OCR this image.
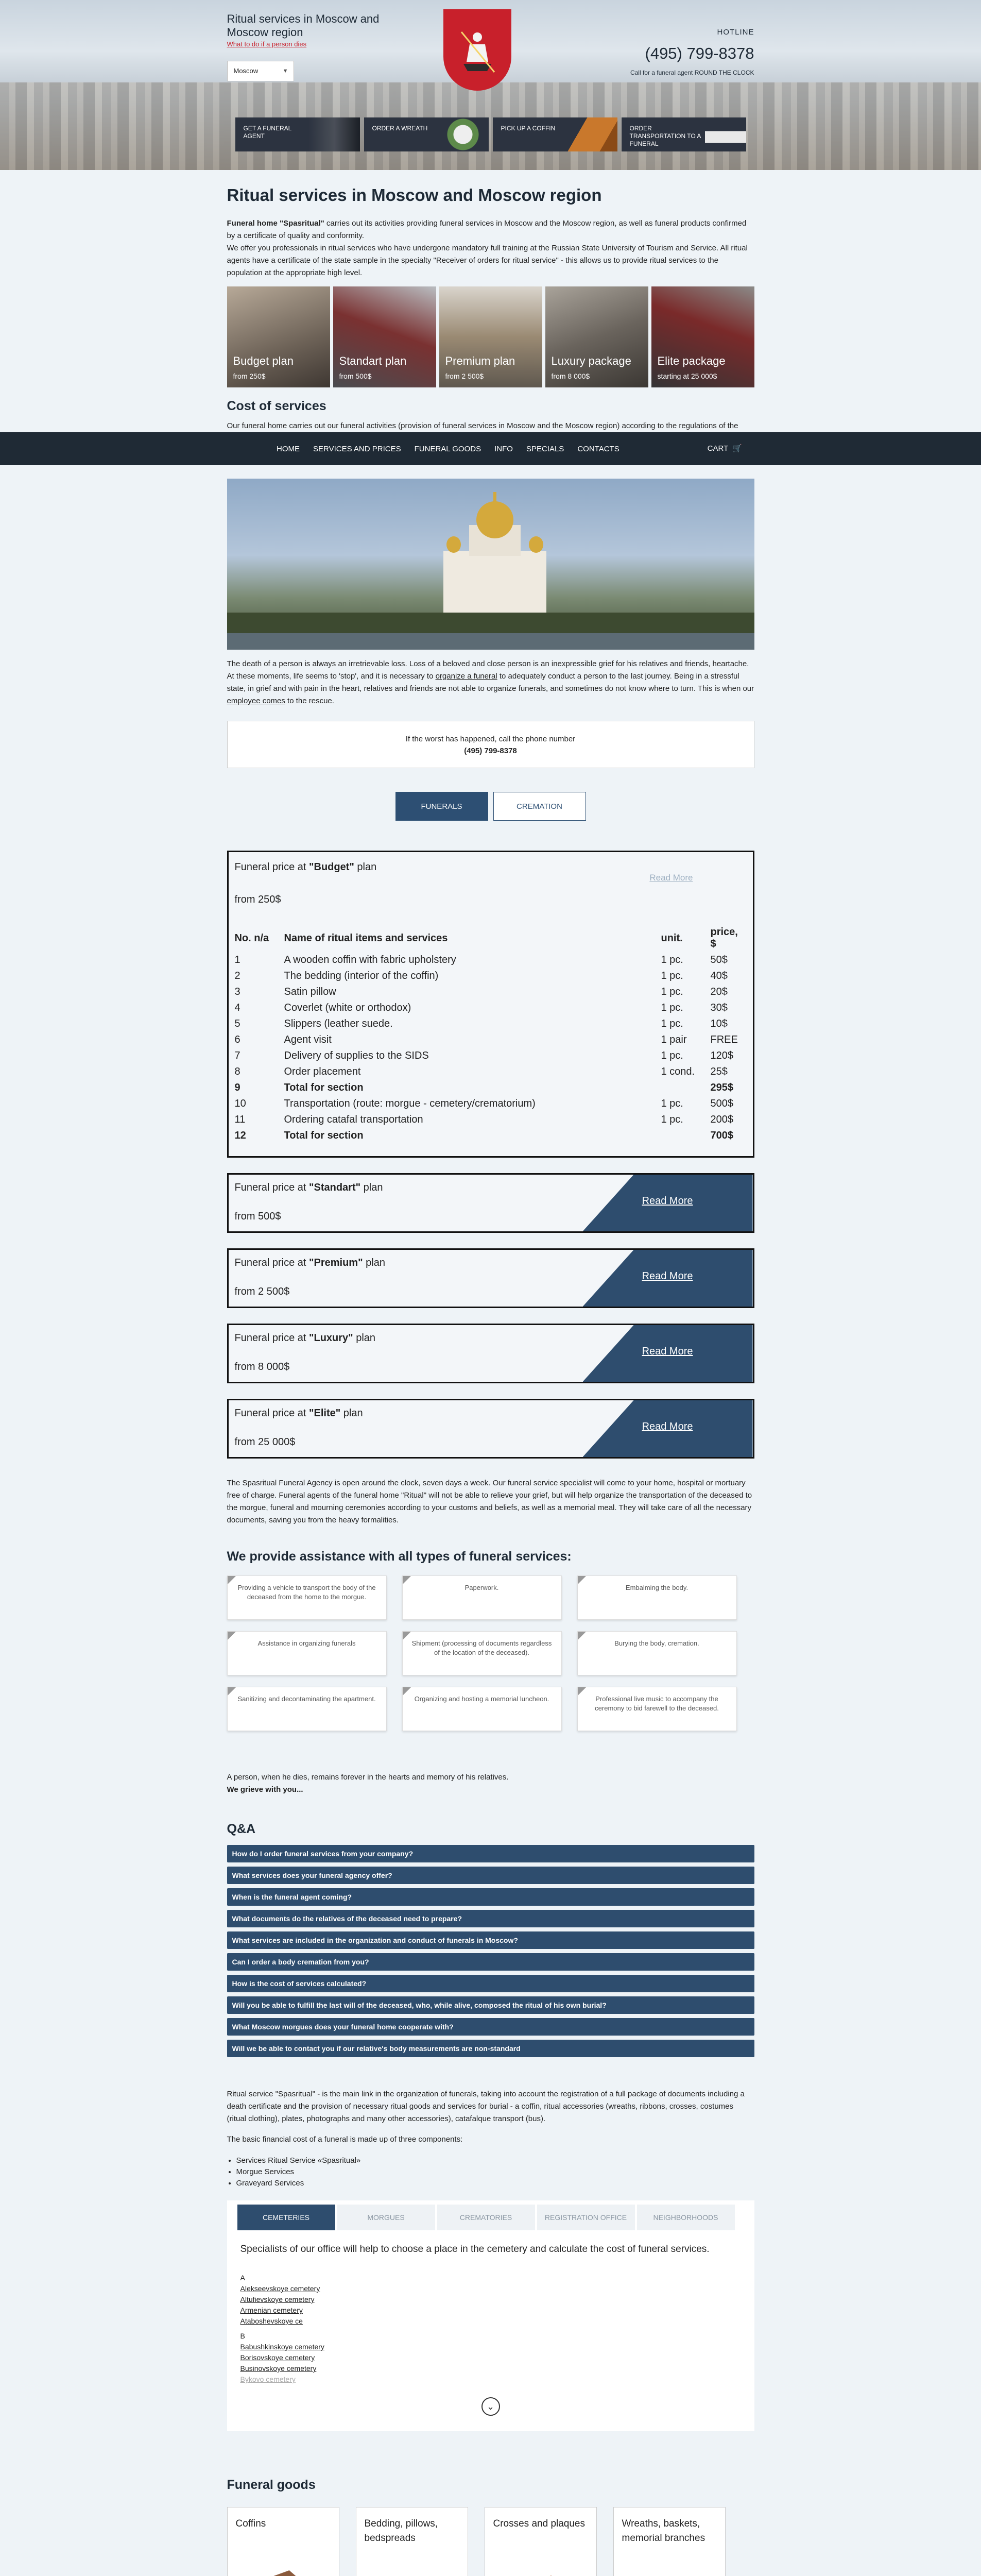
Ritual services in Moscow and Moscow region
What to do if a person dies
Moscow	▼
HOTLINE
(495) 799-8378
Call for a funeral agent ROUND THE CLOCK
GET A FUNERAL AGENT
ORDER A WREATH	PICK UP A COFFIN	ORDER TRANSPORTATION TO A FUNERAL
Ritual services in Moscow and Moscow region

Funeral home "Spasritual" carries out its activities providing funeral services in Moscow and the Moscow region, as well as funeral products confirmed by a certificate of quality and conformity.
We offer you professionals in ritual services who have undergone mandatory full training at the Russian State University of Tourism and Service. All ritual agents have a certificate of the state sample in the specialty "Receiver of orders for ritual service" - this allows us to provide ritual services to the population at the appropriate high level.

Budget plan
from 250$
Standart plan
from 500$
Premium plan
from 2 500$
Luxury package
from 8 000$
Elite package
starting at 25 000$
Cost of services

Our funeral home carries out our funeral activities (provision of funeral services in Moscow and the Moscow region) according to the regulations of the

HOME SERVICES AND PRICES FUNERAL GOODS INFO SPECIALS CONTACTS	CART  🛒

The death of a person is always an irretrievable loss. Loss of a beloved and close person is an inexpressible grief for his relatives and friends, heartache. At these moments, life seems to 'stop', and it is necessary to organize a funeral to adequately conduct a person to the last journey. Being in a stressful state, in grief and with pain in the heart, relatives and friends are not able to organize funerals, and sometimes do not know where to turn. This is when our employee comes to the rescue.

If the worst has happened, call the phone number
(495) 799-8378
FUNERALS	CREMATION
Funeral price at "Budget" plan
Read More
from 250$
No. n/a	Name of ritual items and services	unit.	price, $
1	A wooden coffin with fabric upholstery	1 pc.	50$
2	The bedding (interior of the coffin)	1 pc.	40$
3	Satin pillow	1 pc.	20$
4	Coverlet (white or orthodox)	1 pc.	30$
5	Slippers (leather suede.	1 pc.	10$
6	Agent visit	1 pair	FREE
7	Delivery of supplies to the SIDS	1 pc.	120$
8	Order placement	1 cond.	25$
9	Total for section		295$
10	Transportation (route: morgue - cemetery/crematorium)	1 pc.	500$
11	Ordering catafal transportation	1 pc.	200$
12	Total for section		700$
Funeral price at "Standart" plan
from 500$
Read More
Funeral price at "Premium" plan
from 2 500$
Read More
Funeral price at "Luxury" plan
from 8 000$
Read More
Funeral price at "Elite" plan
from 25 000$
Read More

The Spasritual Funeral Agency is open around the clock, seven days a week. Our funeral service specialist will come to your home, hospital or mortuary free of charge. Funeral agents of the funeral home "Ritual" will not be able to relieve your grief, but will help organize the transportation of the deceased to the morgue, funeral and mourning ceremonies according to your customs and beliefs, as well as a memorial meal. They will take care of all the necessary documents, saving you from the heavy formalities.

We provide assistance with all types of funeral services:
Providing a vehicle to transport the body of the deceased from the home to the morgue.
Paperwork.	Embalming the body.
Assistance in organizing funerals	Shipment (processing of documents regardless of the location of the deceased).
Burying the body, cremation.
Sanitizing and decontaminating the apartment.	Organizing and hosting a memorial luncheon.	Professional live music to accompany the ceremony to bid farewell to the deceased.

A person, when he dies, remains forever in the hearts and memory of his relatives.
We grieve with you...

Q&A
How do I order funeral services from your company?
What services does your funeral agency offer?
When is the funeral agent coming?
What documents do the relatives of the deceased need to prepare?
What services are included in the organization and conduct of funerals in Moscow?
Can I order a body cremation from you?
How is the cost of services calculated?
Will you be able to fulfill the last will of the deceased, who, while alive, composed the ritual of his own burial?
What Moscow morgues does your funeral home cooperate with?
Will we be able to contact you if our relative's body measurements are non-standard

Ritual service "Spasritual" - is the main link in the organization of funerals, taking into account the registration of a full package of documents including a death certificate and the provision of necessary ritual goods and services for burial - a coffin, ritual accessories (wreaths, ribbons, crosses, costumes (ritual clothing), plates, photographs and many other accessories), catafalque transport (bus).

The basic financial cost of a funeral is made up of three components:

• Services Ritual Service «Spasritual»
• Morgue Services
• Graveyard Services
CEMETERIES	MORGUES	CREMATORIES	REGISTRATION OFFICE	NEIGHBORHOODS
Specialists of our office will help to choose a place in the cemetery and calculate the cost of funeral services.
A
Alekseevskoye cemetery
Altufievskoye cemetery
Armenian cemetery
Ataboshevskoye ce
B
Babushkinskoye cemetery
Borisovskoye cemetery
Businovskoye cemetery
Bykovo cemetery
⌄
Funeral goods
Coffins	Bedding, pillows, bedspreads
Crosses and plaques	Wreaths, baskets, memorial branches
